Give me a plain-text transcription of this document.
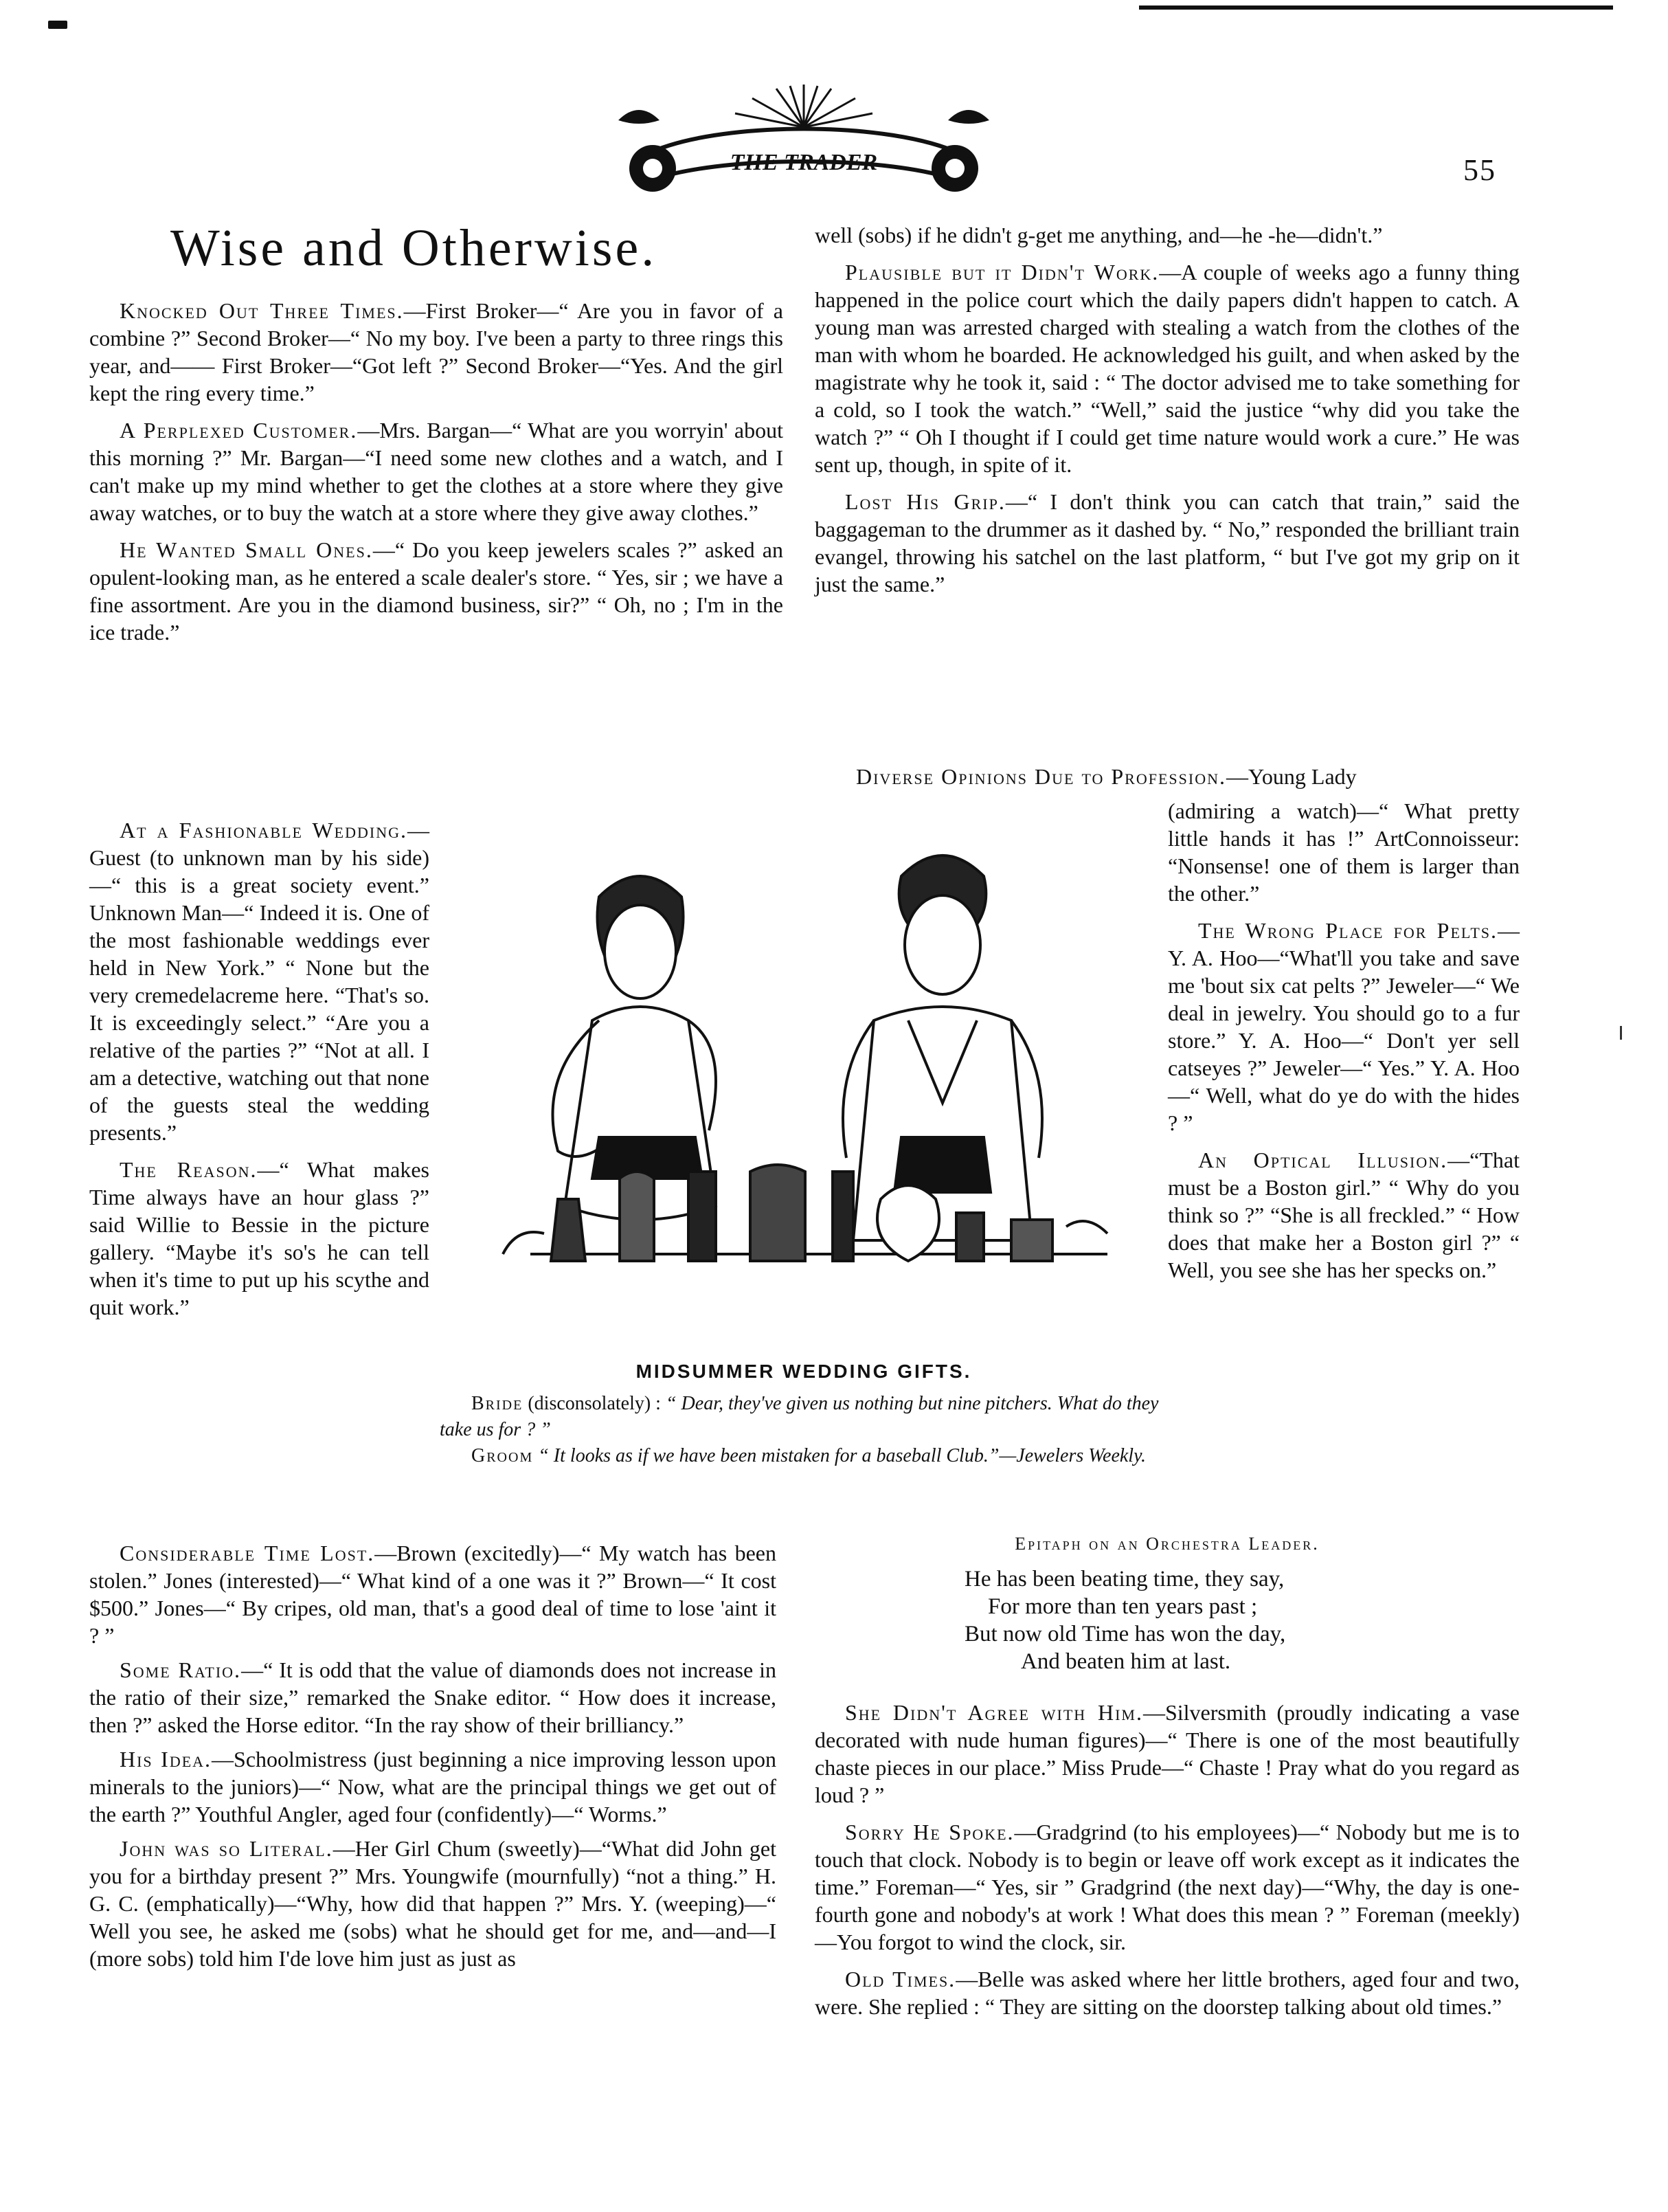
THE TRADER	55
Wise and Otherwise.

Knocked Out Three Times.—First Broker—“ Are you in favor of a combine ?” Second Broker—“ No my boy. I've been a party to three rings this year, and—— First Broker—“Got left ?” Second Broker—“Yes. And the girl kept the ring every time.”

A Perplexed Customer.—Mrs. Bargan—“ What are you worryin' about this morning ?” Mr. Bargan—“I need some new clothes and a watch, and I can't make up my mind whether to get the clothes at a store where they give away watches, or to buy the watch at a store where they give away clothes.”

He Wanted Small Ones.—“ Do you keep jewelers scales ?” asked an opulent-looking man, as he entered a scale dealer's store. “ Yes, sir ; we have a fine assortment. Are you in the diamond business, sir?” “ Oh, no ; I'm in the ice trade.”

At a Fashionable Wedding.—Guest (to unknown man by his side)—“ this is a great society event.” Unknown Man—“ Indeed it is. One of the most fashionable weddings ever held in New York.” “ None but the very cremedelacreme here. “That's so. It is exceedingly select.” “Are you a relative of the parties ?” “Not at all. I am a detective, watching out that none of the guests steal the wedding presents.”

The Reason.—“ What makes Time always have an hour glass ?” said Willie to Bessie in the picture gallery. “Maybe it's so's he can tell when it's time to put up his scythe and quit work.”

Considerable Time Lost.—Brown (excitedly)—“ My watch has been stolen.” Jones (interested)—“ What kind of a one was it ?” Brown—“ It cost $500.” Jones—“ By cripes, old man, that's a good deal of time to lose 'aint it ? ”

Some Ratio.—“ It is odd that the value of diamonds does not increase in the ratio of their size,” remarked the Snake editor. “ How does it increase, then ?” asked the Horse editor. “In the ray show of their brilliancy.”

His Idea.—Schoolmistress (just beginning a nice improving lesson upon minerals to the juniors)—“ Now, what are the principal things we get out of the earth ?” Youthful Angler, aged four (confidently)—“ Worms.”

John was so Literal.—Her Girl Chum (sweetly)—“What did John get you for a birthday present ?” Mrs. Youngwife (mournfully) “not a thing.” H. G. C. (emphatically)—“Why, how did that happen ?” Mrs. Y. (weeping)—“ Well you see, he asked me (sobs) what he should get for me, and—and—I (more sobs) told him I'de love him just as just as

well (sobs) if he didn't g-get me anything, and—he -he—didn't.”

Plausible but it Didn't Work.—A couple of weeks ago a funny thing happened in the police court which the daily papers didn't happen to catch. A young man was arrested charged with stealing a watch from the clothes of the man with whom he boarded. He acknowledged his guilt, and when asked by the magistrate why he took it, said : “ The doctor advised me to take something for a cold, so I took the watch.” “Well,” said the justice “why did you take the watch ?” “ Oh I thought if I could get time nature would work a cure.” He was sent up, though, in spite of it.

Lost His Grip.—“ I don't think you can catch that train,” said the baggageman to the drummer as it dashed by. “ No,” responded the brilliant train evangel, throwing his satchel on the last platform, “ but I've got my grip on it just the same.”

Diverse Opinions Due to Profession.—Young Lady

(admiring a watch)—“ What pretty little hands it has !” ArtConnoisseur: “Nonsense! one of them is larger than the other.”

The Wrong Place for Pelts.—Y. A. Hoo—“What'll you take and save me 'bout six cat pelts ?” Jeweler—“ We deal in jewelry. You should go to a fur store.” Y. A. Hoo—“ Don't yer sell catseyes ?” Jeweler—“ Yes.” Y. A. Hoo—“ Well, what do ye do with the hides ? ”

An Optical Illusion.—“That must be a Boston girl.” “ Why do you think so ?” “She is all freckled.” “ How does that make her a Boston girl ?” “ Well, you see she has her specks on.”

MIDSUMMER WEDDING GIFTS.

Bride (disconsolately) : “ Dear, they've given us nothing but nine pitchers. What do they take us for ? ”

Groom “ It looks as if we have been mistaken for a baseball Club.”—Jewelers Weekly.

Epitaph on an Orchestra Leader.
He has been beating time, they say,
For more than ten years past ;
But now old Time has won the day,
And beaten him at last.

She Didn't Agree with Him.—Silversmith (proudly indicating a vase decorated with nude human figures)—“ There is one of the most beautifully chaste pieces in our place.” Miss Prude—“ Chaste ! Pray what do you regard as loud ? ”

Sorry He Spoke.—Gradgrind (to his employees)—“ Nobody but me is to touch that clock. Nobody is to begin or leave off work except as it indicates the time.” Foreman—“ Yes, sir ” Gradgrind (the next day)—“Why, the day is one-fourth gone and nobody's at work ! What does this mean ? ” Foreman (meekly)—You forgot to wind the clock, sir.

Old Times.—Belle was asked where her little brothers, aged four and two, were. She replied : “ They are sitting on the doorstep talking about old times.”
